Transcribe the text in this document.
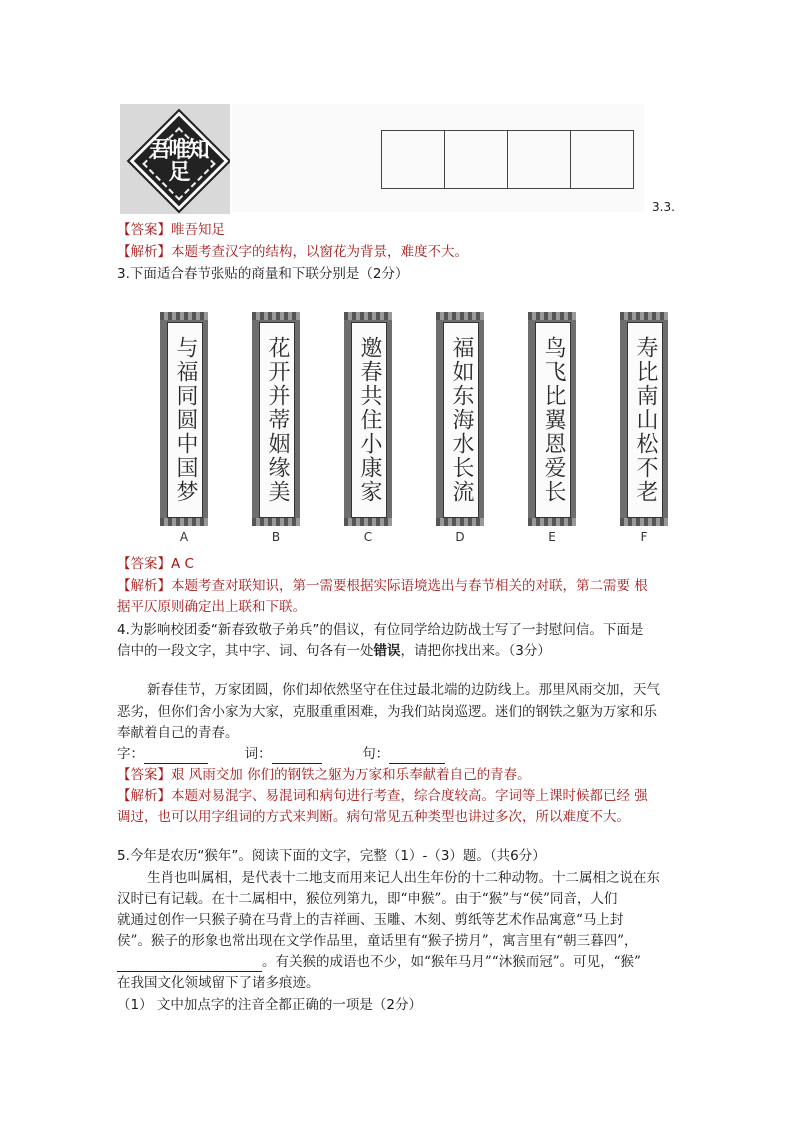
吾唯知足
3.3.
【答案】唯吾知足
【解析】本题考查汉字的结构，以窗花为背景，难度不大。
3.下面适合春节张贴的商量和下联分别是（2分）
与福同圆中国梦	花开并蒂姻缘美	邀春共住小康家	福如东海水长流	鸟飞比翼恩爱长	寿比南山松不老
A	B	C	D	E	F
【答案】A C
【解析】本题考查对联知识，第一需要根据实际语境选出与春节相关的对联，第二需要 根
据平仄原则确定出上联和下联。
4.为影响校团委“新春致敬子弟兵”的倡议，有位同学给边防战士写了一封慰问信。下面是
信中的一段文字，其中字、词、句各有一处错误，请把你找出来。（3分）
新春佳节，万家团圆，你们却依然坚守在住过最北端的边防线上。那里风雨交加，天气
恶劣，但你们舍小家为大家，克服重重困难，为我们站岗巡逻。迷们的钢铁之躯为万家和乐
奉献着自己的青春。
字：	词：	句：
【答案】艰 风雨交加 你们的钢铁之躯为万家和乐奉献着自己的青春。
【解析】本题对易混字、易混词和病句进行考查，综合度较高。字词等上课时候都已经 强
调过，也可以用字组词的方式来判断。病句常见五种类型也讲过多次，所以难度不大。
5.今年是农历“猴年”。阅读下面的文字，完整（1）-（3）题。（共6分）
生肖也叫属相，是代表十二地支而用来记人出生年份的十二种动物。十二属相之说在东
汉时已有记载。在十二属相中，猴位列第九，即“申猴”。由于“猴”与“侯”同音，人们
就通过创作一只猴子骑在马背上的吉祥画、玉雕、木刻、剪纸等艺术作品寓意“马上封
侯”。猴子的形象也常出现在文学作品里，童话里有“猴子捞月”，寓言里有“朝三暮四”，
。有关猴的成语也不少，如“猴年马月”“沐猴而冠”。可见，“猴”
在我国文化领域留下了诸多痕迹。
（1） 文中加点字的注音全都正确的一项是（2分）
